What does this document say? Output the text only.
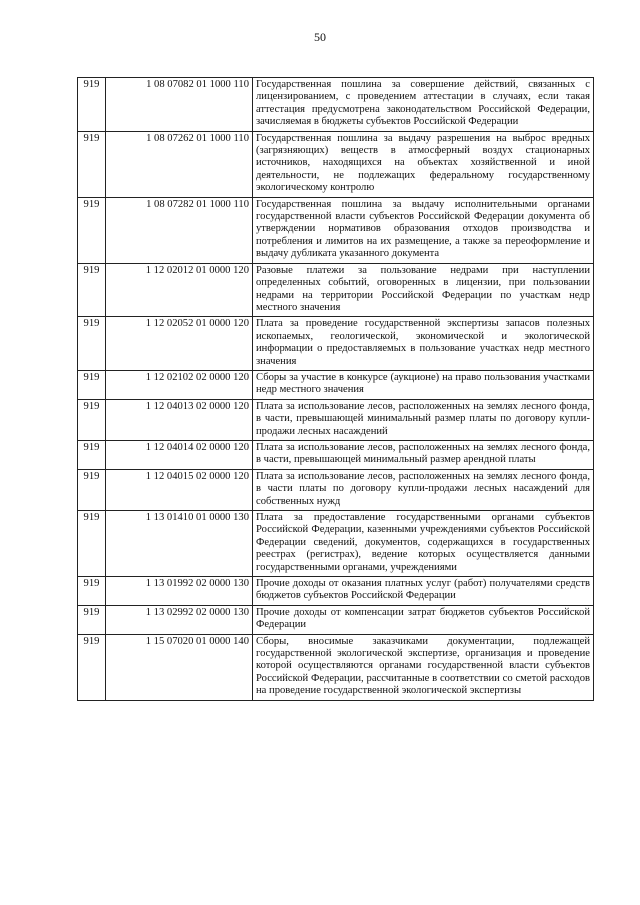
50
919	1 08 07082 01 1000 110	Государственная пошлина за совершение действий, связанных с лицензированием, с проведением аттестации в случаях, если такая аттестация предусмотрена законодательством Российской Федерации, зачисляемая в бюджеты субъектов Российской Федерации
919	1 08 07262 01 1000 110	Государственная пошлина за выдачу разрешения на выброс вредных (загрязняющих) веществ в атмосферный воздух стационарных источников, находящихся на объектах хозяйственной и иной деятельности, не подлежащих федеральному государственному экологическому контролю
919	1 08 07282 01 1000 110	Государственная пошлина за выдачу исполнительными органами государственной власти субъектов Российской Федерации документа об утверждении нормативов образования отходов производства и потребления и лимитов на их размещение, а также за переоформление и выдачу дубликата указанного документа
919	1 12 02012 01 0000 120	Разовые платежи за пользование недрами при наступлении определенных событий, оговоренных в лицензии, при пользовании недрами на территории Российской Федерации по участкам недр местного значения
919	1 12 02052 01 0000 120	Плата за проведение государственной экспертизы запасов полезных ископаемых, геологической, экономической и экологической информации о предоставляемых в пользование участках недр местного значения
919	1 12 02102 02 0000 120	Сборы за участие в конкурсе (аукционе) на право пользования участками недр местного значения
919	1 12 04013 02 0000 120	Плата за использование лесов, расположенных на землях лесного фонда, в части, превышающей минимальный размер платы по договору купли-продажи лесных насаждений
919	1 12 04014 02 0000 120	Плата за использование лесов, расположенных на землях лесного фонда, в части, превышающей минимальный размер арендной платы
919	1 12 04015 02 0000 120	Плата за использование лесов, расположенных на землях лесного фонда, в части платы по договору купли-продажи лесных насаждений для собственных нужд
919	1 13 01410 01 0000 130	Плата за предоставление государственными органами субъектов Российской Федерации, казенными учреждениями субъектов Российской Федерации сведений, документов, содержащихся в государственных реестрах (регистрах), ведение которых осуществляется данными государственными органами, учреждениями
919	1 13 01992 02 0000 130	Прочие доходы от оказания платных услуг (работ) получателями средств бюджетов субъектов Российской Федерации
919	1 13 02992 02 0000 130	Прочие доходы от компенсации затрат бюджетов субъектов Российской Федерации
919	1 15 07020 01 0000 140	Сборы, вносимые заказчиками документации, подлежащей государственной экологической экспертизе, организация и проведение которой осуществляются органами государственной власти субъектов Российской Федерации, рассчитанные в соответствии со сметой расходов на проведение государственной экологической экспертизы
